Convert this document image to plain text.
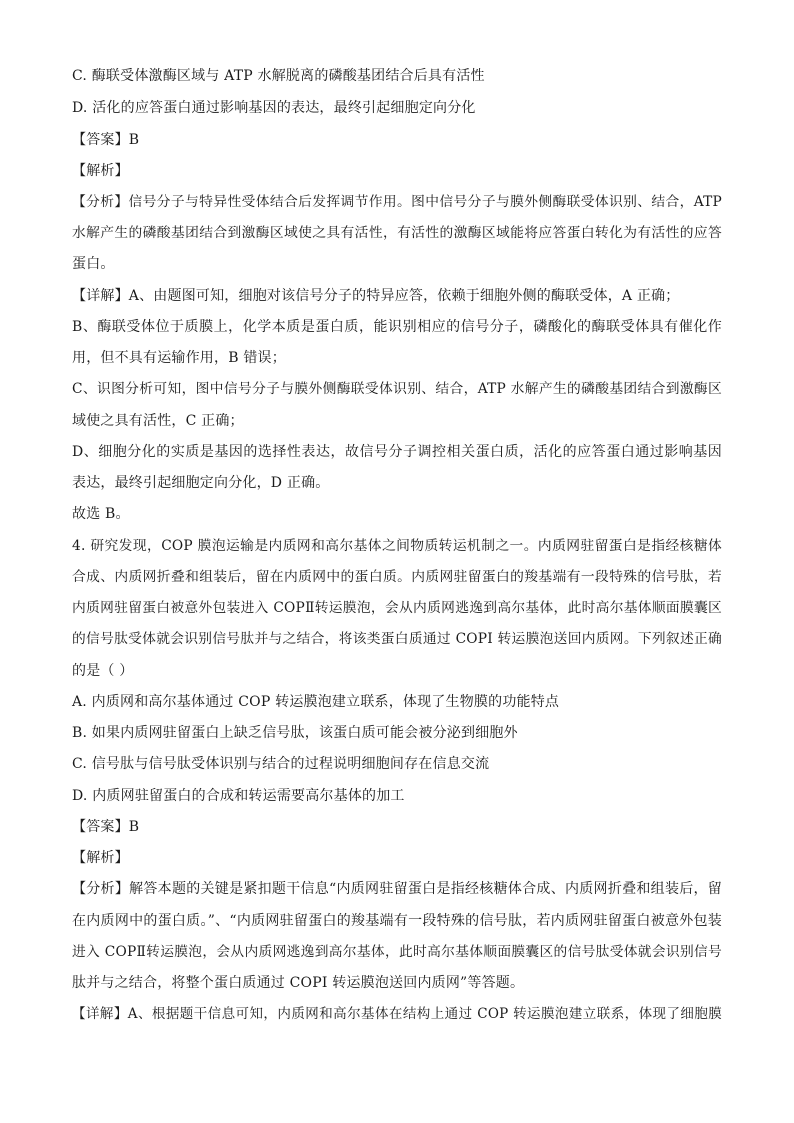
C. 酶联受体激酶区域与 ATP 水解脱离的磷酸基团结合后具有活性
D. 活化的应答蛋白通过影响基因的表达，最终引起细胞定向分化
【答案】B
【解析】
【分析】信号分子与特异性受体结合后发挥调节作用。图中信号分子与膜外侧酶联受体识别、结合，ATP
水解产生的磷酸基团结合到激酶区域使之具有活性，有活性的激酶区域能将应答蛋白转化为有活性的应答
蛋白。
【详解】A、由题图可知，细胞对该信号分子的特异应答，依赖于细胞外侧的酶联受体，A 正确；
B、酶联受体位于质膜上，化学本质是蛋白质，能识别相应的信号分子，磷酸化的酶联受体具有催化作
用，但不具有运输作用，B 错误；
C、识图分析可知，图中信号分子与膜外侧酶联受体识别、结合，ATP 水解产生的磷酸基团结合到激酶区
域使之具有活性，C 正确；
D、细胞分化的实质是基因的选择性表达，故信号分子调控相关蛋白质，活化的应答蛋白通过影响基因
表达，最终引起细胞定向分化，D 正确。
故选 B。
4. 研究发现，COP 膜泡运输是内质网和高尔基体之间物质转运机制之一。内质网驻留蛋白是指经核糖体
合成、内质网折叠和组装后，留在内质网中的蛋白质。内质网驻留蛋白的羧基端有一段特殊的信号肽，若
内质网驻留蛋白被意外包装进入 COPⅡ转运膜泡，会从内质网逃逸到高尔基体，此时高尔基体顺面膜囊区
的信号肽受体就会识别信号肽并与之结合，将该类蛋白质通过 COPI 转运膜泡送回内质网。下列叙述正确
的是（ ）
A. 内质网和高尔基体通过 COP 转运膜泡建立联系，体现了生物膜的功能特点
B. 如果内质网驻留蛋白上缺乏信号肽，该蛋白质可能会被分泌到细胞外
C. 信号肽与信号肽受体识别与结合的过程说明细胞间存在信息交流
D. 内质网驻留蛋白的合成和转运需要高尔基体的加工
【答案】B
【解析】
【分析】解答本题的关键是紧扣题干信息“内质网驻留蛋白是指经核糖体合成、内质网折叠和组装后，留
在内质网中的蛋白质。”、“内质网驻留蛋白的羧基端有一段特殊的信号肽，若内质网驻留蛋白被意外包装
进入 COPⅡ转运膜泡，会从内质网逃逸到高尔基体，此时高尔基体顺面膜囊区的信号肽受体就会识别信号
肽并与之结合，将整个蛋白质通过 COPI 转运膜泡送回内质网”等答题。
【详解】A、根据题干信息可知，内质网和高尔基体在结构上通过 COP 转运膜泡建立联系，体现了细胞膜
